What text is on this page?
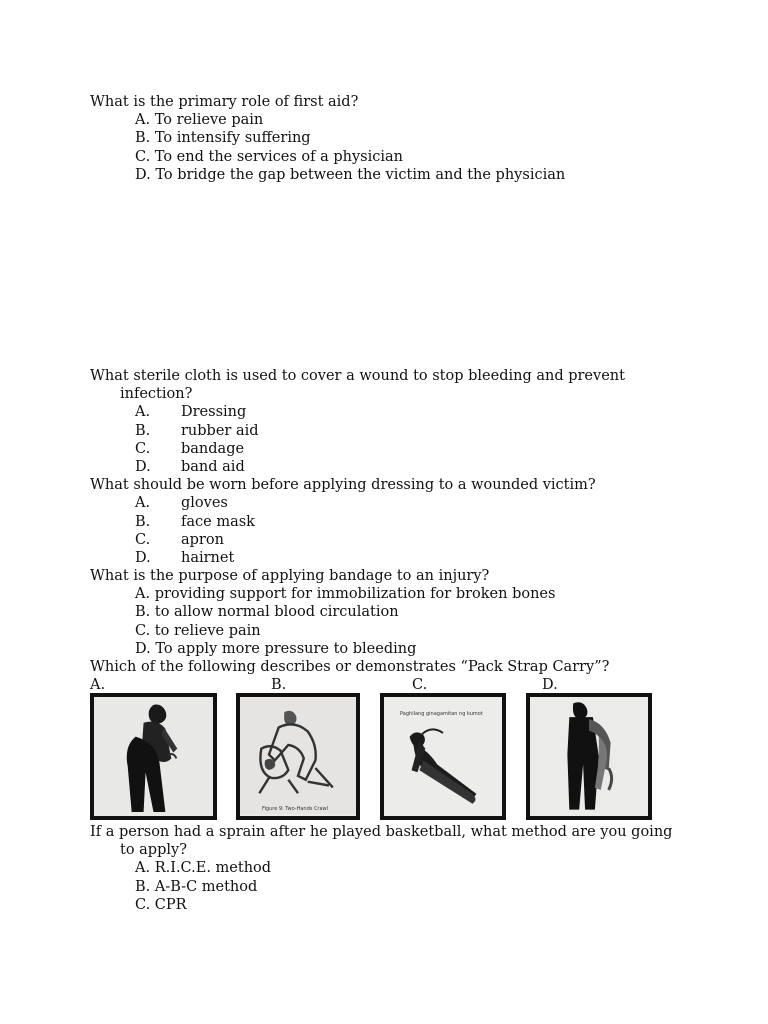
What is the primary role of first aid?
A. To relieve pain
B. To intensify suffering
C. To end the services of a physician
D. To bridge the gap between the victim and the physician
What sterile cloth is used to cover a wound to stop bleeding and prevent
infection?
A. Dressing
B. rubber aid
C. bandage
D. band aid
What should be worn before applying dressing to a wounded victim?
A. gloves
B. face mask
C. apron
D. hairnet
What is the purpose of applying bandage to an injury?
A. providing support for immobilization for broken bones
B. to allow normal blood circulation
C. to relieve pain
D. To apply more pressure to bleeding
Which of the following describes or demonstrates “Pack Strap Carry”?
A.	B.	C.	D.
Figure 9: Two-Hands Crawl
Paghilang ginagamitan ng kumot
If a person had a sprain after he played basketball, what method are you going
to apply?
A. R.I.C.E. method
B. A-B-C method
C. CPR
